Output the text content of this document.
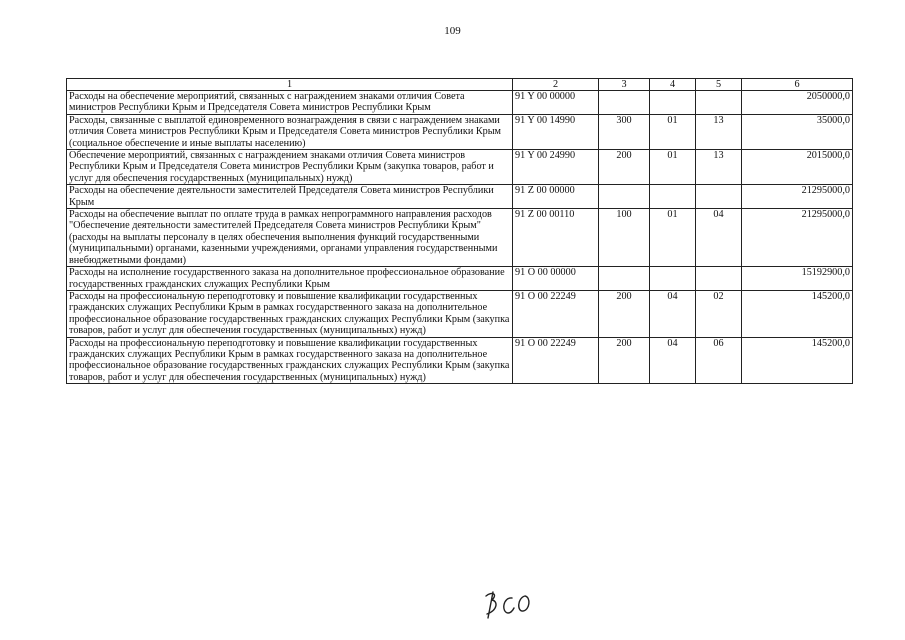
109
1	2	3	4	5	6
Расходы на обеспечение мероприятий, связанных с награждением знаками отличия Совета министров Республики Крым и Председателя Совета министров Республики Крым	91 Y 00 00000				2050000,0
Расходы, связанные с выплатой единовременного вознаграждения в связи с награждением знаками отличия Совета министров Республики Крым и Председателя Совета министров Республики Крым (социальное обеспечение и иные выплаты населению)	91 Y 00 14990	300	01	13	35000,0
Обеспечение мероприятий, связанных с награждением знаками отличия Совета министров Республики Крым и Председателя Совета министров Республики Крым (закупка товаров, работ и услуг для обеспечения государственных (муниципальных) нужд)	91 Y 00 24990	200	01	13	2015000,0
Расходы на обеспечение деятельности заместителей Председателя Совета министров Республики Крым	91 Z 00 00000				21295000,0
Расходы на обеспечение выплат по оплате труда в рамках непрограммного направления расходов "Обеспечение деятельности заместителей Председателя Совета министров Республики Крым" (расходы на выплаты персоналу в целях обеспечения выполнения функций государственными (муниципальными) органами, казенными учреждениями, органами управления государственными внебюджетными фондами)	91 Z 00 00110	100	01	04	21295000,0
Расходы на исполнение государственного заказа на дополнительное профессиональное образование государственных гражданских служащих Республики Крым	91 О 00 00000				15192900,0
Расходы на профессиональную переподготовку и повышение квалификации государственных гражданских служащих Республики Крым в рамках государственного заказа на дополнительное профессиональное образование государственных гражданских служащих Республики Крым (закупка товаров, работ и услуг для обеспечения государственных (муниципальных) нужд)	91 О 00 22249	200	04	02	145200,0
Расходы на профессиональную переподготовку и повышение квалификации государственных гражданских служащих Республики Крым в рамках государственного заказа на дополнительное профессиональное образование государственных гражданских служащих Республики Крым (закупка товаров, работ и услуг для обеспечения государственных (муниципальных) нужд)	91 О 00 22249	200	04	06	145200,0
